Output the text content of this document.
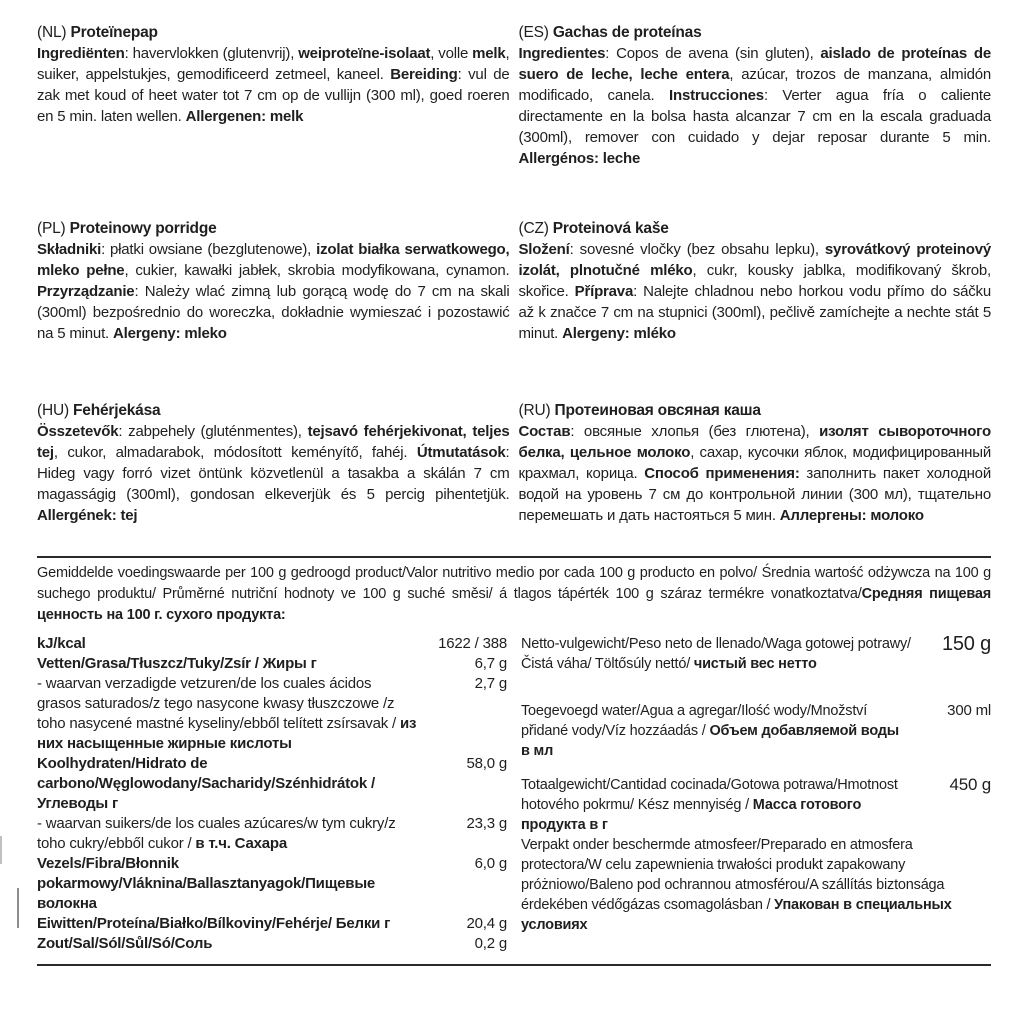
(NL) Proteïnepap
Ingrediënten: havervlokken (glutenvrij), weiproteïne-isolaat, volle melk, suiker, appelstukjes, gemodificeerd zetmeel, kaneel. Bereiding: vul de zak met koud of heet water tot 7 cm op de vullijn (300 ml), goed roeren en 5 min. laten wellen. Allergenen: melk
(ES) Gachas de proteínas
Ingredientes: Copos de avena (sin gluten), aislado de proteínas de suero de leche, leche entera, azúcar, trozos de manzana, almidón modificado, canela. Instrucciones: Verter agua fría o caliente directamente en la bolsa hasta alcanzar 7 cm en la escala graduada (300ml), remover con cuidado y dejar reposar durante 5 min. Allergénos: leche
(PL) Proteinowy porridge
Składniki: płatki owsiane (bezglutenowe), izolat białka serwatkowego, mleko pełne, cukier, kawałki jabłek, skrobia modyfikowana, cynamon. Przyrządzanie: Należy wlać zimną lub gorącą wodę do 7 cm na skali (300ml) bezpośrednio do woreczka, dokładnie wymieszać i pozostawić na 5 minut. Alergeny: mleko
(CZ) Proteinová kaše
Složení: sovesné vločky (bez obsahu lepku), syrovátkový proteinový izolát, plnotučné mléko, cukr, kousky jablka, modifikovaný škrob, skořice. Příprava: Nalejte chladnou nebo horkou vodu přímo do sáčku až k značce 7 cm na stupnici (300ml), pečlivě zamíchejte a nechte stát 5 minut. Alergeny: mléko
(HU) Fehérjekása
Összetevők: zabpehely (gluténmentes), tejsavó fehérjekivonat, teljes tej, cukor, almadarabok, módosított keményítő, fahéj. Útmutatások: Hideg vagy forró vizet öntünk közvetlenül a tasakba a skálán 7 cm magasságig (300ml), gondosan elkeverjük és 5 percig pihentetjük. Allergének: tej
(RU) Протеиновая овсяная каша
Состав: овсяные хлопья (без глютена), изолят сывороточного белка, цельное молоко, сахар, кусочки яблок, модифицированный крахмал, корица. Способ применения: заполнить пакет холодной водой на уровень 7 см до контрольной линии (300 мл), тщательно перемешать и дать настояться 5 мин. Аллергены: молоко
Gemiddelde voedingswaarde per 100 g gedroogd product/Valor nutritivo medio por cada 100 g producto en polvo/ Średnia wartość odżywcza na 100 g suchego produktu/ Průměrné nutriční hodnoty ve 100 g suché směsi/ á tlagos tápérték 100 g száraz termékre vonatkoztatva/Средняя пищевая ценность на 100 г. сухого продукта:
kJ/kcal	1622 / 388
Vetten/Grasa/Tłuszcz/Tuky/Zsír / Жиры г	6,7 g
- waarvan verzadigde vetzuren/de los cuales ácidos grasos saturados/z tego nasycone kwasy tłuszczowe /z toho nasycené mastné kyseliny/ebből telített zsírsavak / из них насыщенные жирные кислоты
2,7 g
Koolhydraten/Hidrato de carbono/Węglowodany/Sacharidy/Szénhidrátok / Углеводы г
58,0 g
- waarvan suikers/de los cuales azúcares/w tym cukry/z toho cukry/ebből cukor / в т.ч. Сахара
23,3 g
Vezels/Fibra/Błonnik pokarmowy/Vláknina/Ballasztanyagok/Пищевые волокна
6,0 g
Eiwitten/Proteína/Białko/Bílkoviny/Fehérje/ Белки г	20,4 g
Zout/Sal/Sól/Sůl/Só/Соль	0,2 g
Netto-vulgewicht/Peso neto de llenado/Waga gotowej potrawy/Čistá váha/ Töltősúly nettó/ чистый вес нетто
150 g
Toegevoegd water/Agua a agregar/Ilość wody/Množství přidané vody/Víz hozzáadás / Объем добавляемой воды в мл
300 ml
Totaalgewicht/Cantidad cocinada/Gotowa potrawa/Hmotnost hotového pokrmu/ Kész mennyiség / Масса готового продукта в г
450 g
Verpakt onder beschermde atmosfeer/Preparado en atmosfera protectora/W celu zapewnienia trwałości produkt zapakowany próżniowo/Baleno pod ochrannou atmosférou/A szállítás biztonsága érdekében védőgázas csomagolásban / Упакован в специальных условиях
